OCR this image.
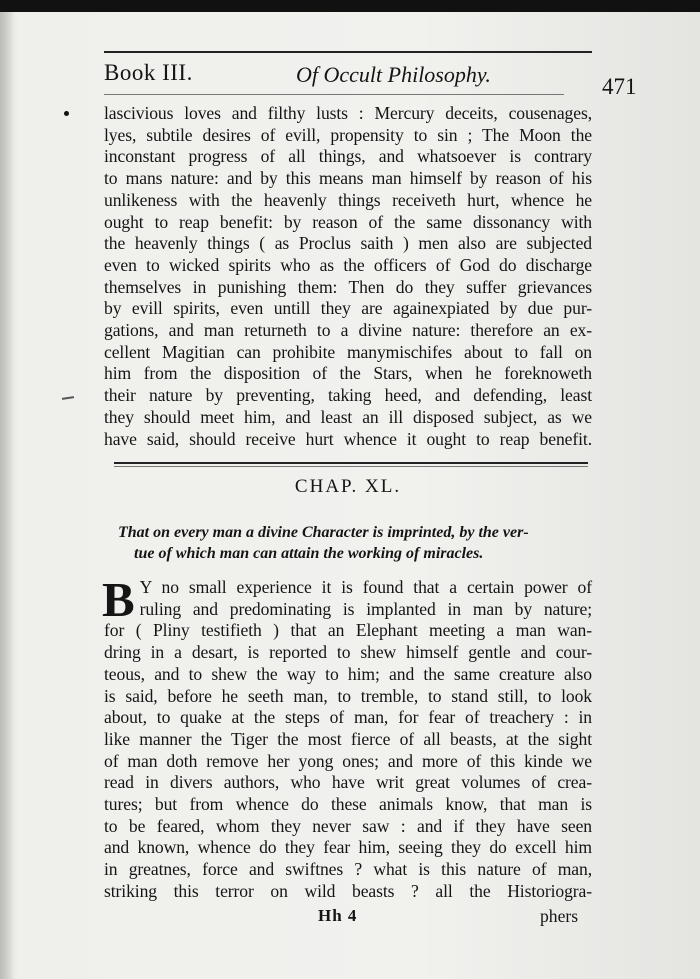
Book III.	Of Occult Philosophy.	471
lascivious loves and filthy lusts : Mercury deceits, cousenages,
lyes, subtile desires of evill, propensity to sin ; The Moon the
inconstant progress of all things, and whatsoever is contrary
to mans nature: and by this means man himself by reason of his
unlikeness with the heavenly things receiveth hurt, whence he
ought to reap benefit: by reason of the same dissonancy with
the heavenly things ( as Proclus saith ) men also are subjected
even to wicked spirits who as the officers of God do discharge
themselves in punishing them: Then do they suffer grievances
by evill spirits, even untill they are againexpiated by due pur-
gations, and man returneth to a divine nature: therefore an ex-
cellent Magitian can prohibite manymischifes about to fall on
him from the disposition of the Stars, when he foreknoweth
their nature by preventing, taking heed, and defending, least
they should meet him, and least an ill disposed subject, as we
have said, should receive hurt whence it ought to reap benefit.
CHAP. XL.
That on every man a divine Character is imprinted, by the ver-
tue of which man can attain the working of miracles.
B Y no small experience it is found that a certain power of
ruling and predominating is implanted in man by nature;
for ( Pliny testifieth ) that an Elephant meeting a man wan-
dring in a desart, is reported to shew himself gentle and cour-
teous, and to shew the way to him; and the same creature also
is said, before he seeth man, to tremble, to stand still, to look
about, to quake at the steps of man, for fear of treachery : in
like manner the Tiger the most fierce of all beasts, at the sight
of man doth remove her yong ones; and more of this kinde we
read in divers authors, who have writ great volumes of crea-
tures; but from whence do these animals know, that man is
to be feared, whom they never saw : and if they have seen
and known, whence do they fear him, seeing they do excell him
in greatnes, force and swiftnes ? what is this nature of man,
striking this terror on wild beasts ? all the Historiogra-
Hh 4	phers
